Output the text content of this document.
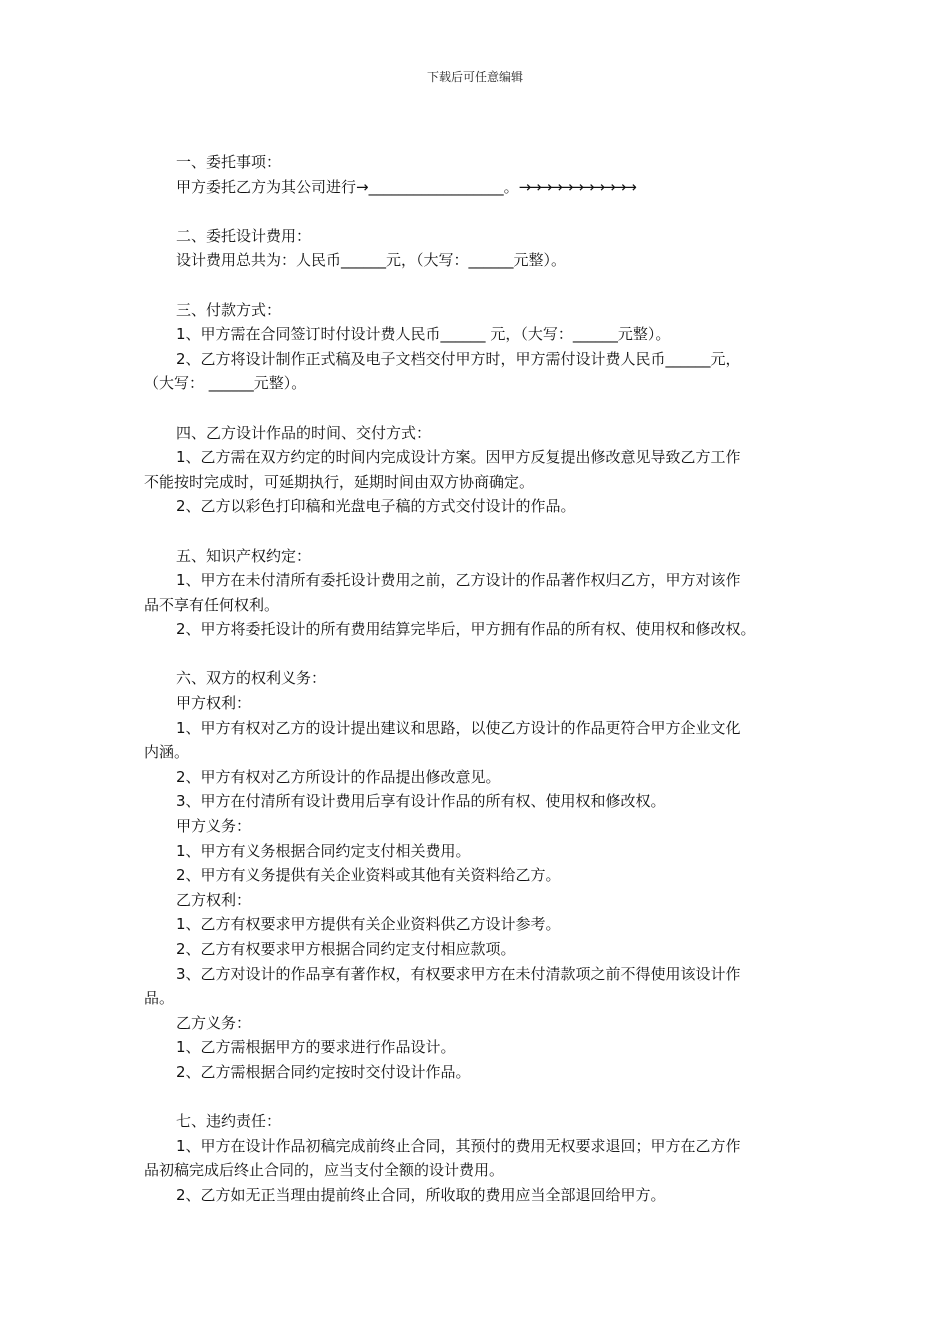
下载后可任意编辑
一、委托事项：
甲方委托乙方为其公司进行→__________________。→→→→→→→→→→→
二、委托设计费用：
设计费用总共为：人民币______元，（大写：______元整）。
三、付款方式：
1、甲方需在合同签订时付设计费人民币______ 元，（大写：______元整）。
2、乙方将设计制作正式稿及电子文档交付甲方时，甲方需付设计费人民币______元，
（大写： ______元整）。
四、乙方设计作品的时间、交付方式：
1、乙方需在双方约定的时间内完成设计方案。因甲方反复提出修改意见导致乙方工作
不能按时完成时，可延期执行，延期时间由双方协商确定。
2、乙方以彩色打印稿和光盘电子稿的方式交付设计的作品。
五、知识产权约定：
1、甲方在未付清所有委托设计费用之前，乙方设计的作品著作权归乙方，甲方对该作
品不享有任何权利。
2、甲方将委托设计的所有费用结算完毕后，甲方拥有作品的所有权、使用权和修改权。
六、双方的权利义务：
甲方权利：
1、甲方有权对乙方的设计提出建议和思路，以使乙方设计的作品更符合甲方企业文化
内涵。
2、甲方有权对乙方所设计的作品提出修改意见。
3、甲方在付清所有设计费用后享有设计作品的所有权、使用权和修改权。
甲方义务：
1、甲方有义务根据合同约定支付相关费用。
2、甲方有义务提供有关企业资料或其他有关资料给乙方。
乙方权利：
1、乙方有权要求甲方提供有关企业资料供乙方设计参考。
2、乙方有权要求甲方根据合同约定支付相应款项。
3、乙方对设计的作品享有著作权，有权要求甲方在未付清款项之前不得使用该设计作
品。
乙方义务：
1、乙方需根据甲方的要求进行作品设计。
2、乙方需根据合同约定按时交付设计作品。
七、违约责任：
1、甲方在设计作品初稿完成前终止合同，其预付的费用无权要求退回；甲方在乙方作
品初稿完成后终止合同的，应当支付全额的设计费用。
2、乙方如无正当理由提前终止合同，所收取的费用应当全部退回给甲方。
